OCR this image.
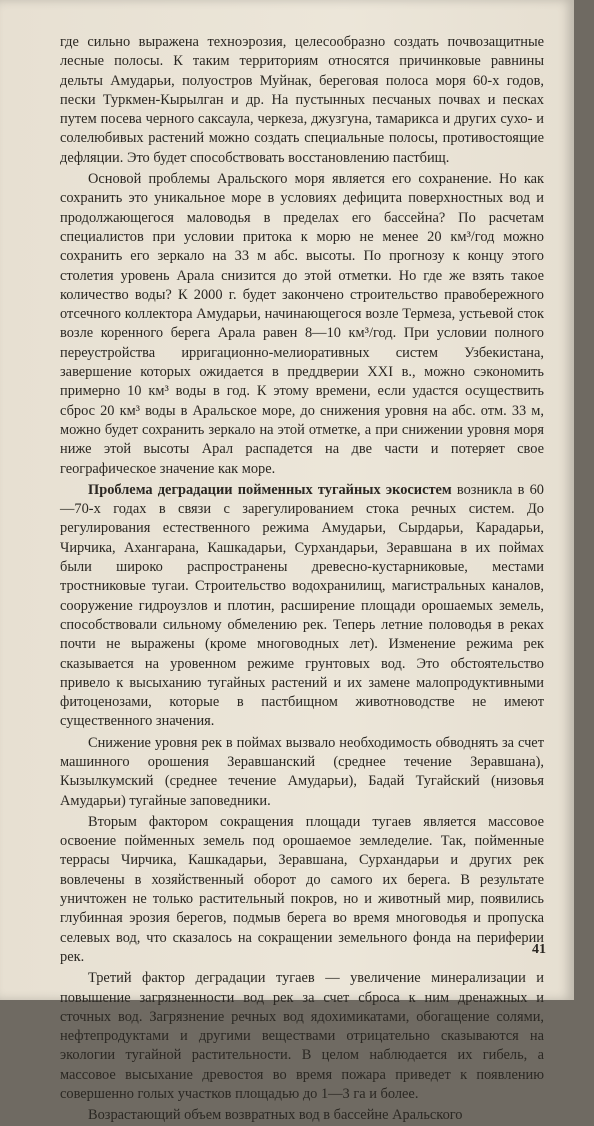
где сильно выражена техноэрозия, целесообразно создать почвозащитные лесные полосы. К таким территориям относятся причинковые равнины дельты Амударьи, полуостров Муйнак, береговая полоса моря 60-х годов, пески Туркмен-Кырылган и др. На пустынных песчаных почвах и песках путем посева черного саксаула, черкеза, джузгуна, тамарикса и других сухо- и солелюбивых растений можно создать специальные полосы, противостоящие дефляции. Это будет способствовать восстановлению пастбищ.

Основой проблемы Аральского моря является его сохранение. Но как сохранить это уникальное море в условиях дефицита поверхностных вод и продолжающегося маловодья в пределах его бассейна? По расчетам специалистов при условии притока к морю не менее 20 км³/год можно сохранить его зеркало на 33 м абс. высоты. По прогнозу к концу этого столетия уровень Арала снизится до этой отметки. Но где же взять такое количество воды? К 2000 г. будет закончено строительство правобережного отсечного коллектора Амударьи, начинающегося возле Термеза, устьевой сток возле коренного берега Арала равен 8—10 км³/год. При условии полного переустройства ирригационно-мелиоративных систем Узбекистана, завершение которых ожидается в преддверии XXI в., можно сэкономить примерно 10 км³ воды в год. К этому времени, если удастся осуществить сброс 20 км³ воды в Аральское море, до снижения уровня на абс. отм. 33 м, можно будет сохранить зеркало на этой отметке, а при снижении уровня моря ниже этой высоты Арал распадется на две части и потеряет свое географическое значение как море.

Проблема деградации пойменных тугайных экосистем возникла в 60—70-х годах в связи с зарегулированием стока речных систем. До регулирования естественного режима Амударьи, Сырдарьи, Карадарьи, Чирчика, Ахангарана, Кашкадарьи, Сурхандарьи, Зеравшана в их поймах были широко распространены древесно-кустарниковые, местами тростниковые тугаи. Строительство водохранилищ, магистральных каналов, сооружение гидроузлов и плотин, расширение площади орошаемых земель, способствовали сильному обмелению рек. Теперь летние половодья в реках почти не выражены (кроме многоводных лет). Изменение режима рек сказывается на уровенном режиме грунтовых вод. Это обстоятельство привело к высыханию тугайных растений и их замене малопродуктивными фитоценозами, которые в пастбищном животноводстве не имеют существенного значения.

Снижение уровня рек в поймах вызвало необходимость обводнять за счет машинного орошения Зеравшанский (среднее течение Зеравшана), Кызылкумский (среднее течение Амударьи), Бадай Тугайский (низовья Амударьи) тугайные заповедники.

Вторым фактором сокращения площади тугаев является массовое освоение пойменных земель под орошаемое земледелие. Так, пойменные террасы Чирчика, Кашкадарьи, Зеравшана, Сурхандарьи и других рек вовлечены в хозяйственный оборот до самого их берега. В результате уничтожен не только растительный покров, но и животный мир, появились глубинная эрозия берегов, подмыв берега во время многоводья и пропуска селевых вод, что сказалось на сокращении земельного фонда на периферии рек.

Третий фактор деградации тугаев — увеличение минерализации и повышение загрязненности вод рек за счет сброса к ним дренажных и сточных вод. Загрязнение речных вод ядохимикатами, обогащение солями, нефтепродуктами и другими веществами отрицательно сказываются на экологии тугайной растительности. В целом наблюдается их гибель, а массовое высыхание древостоя во время пожара приведет к появлению совершенно голых участков площадью до 1—3 га и более.

Возрастающий объем возвратных вод в бассейне Аральского

41
